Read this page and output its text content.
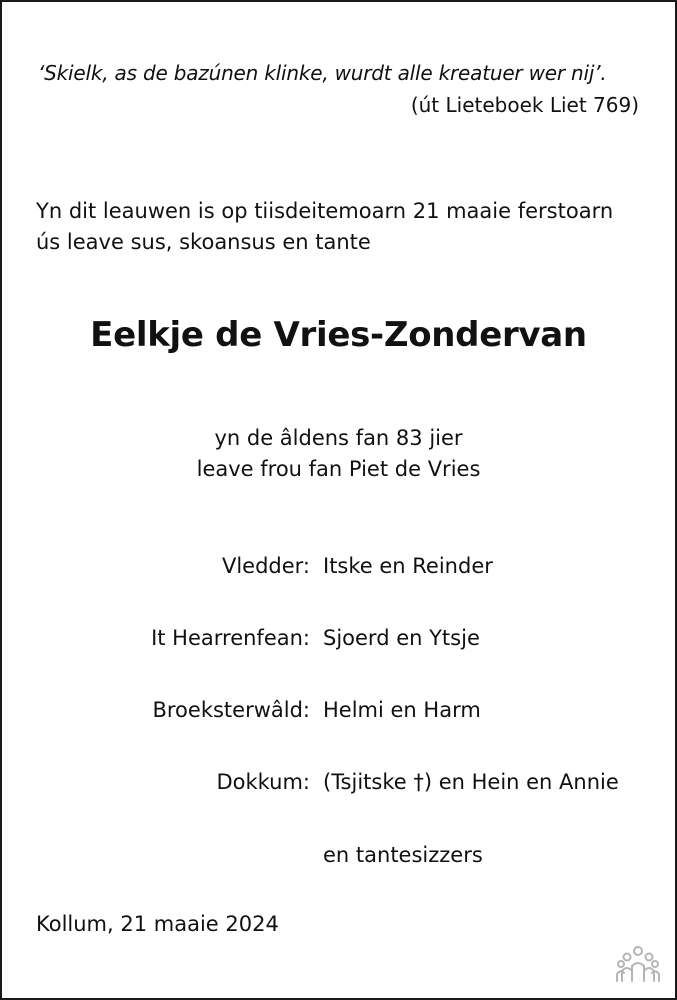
‘Skielk, as de bazúnen klinke, wurdt alle kreatuer wer nij’.
(út Lieteboek Liet 769)
Yn dit leauwen is op tiisdeitemoarn 21 maaie ferstoarn
ús leave sus, skoansus en tante
Eelkje de Vries-Zondervan
yn de âldens fan 83 jier
leave frou fan Piet de Vries
Vledder: Itske en Reinder
It Hearrenfean: Sjoerd en Ytsje
Broeksterwâld: Helmi en Harm
Dokkum: (Tsjitske †) en Hein en Annie
en tantesizzers
Kollum, 21 maaie 2024
